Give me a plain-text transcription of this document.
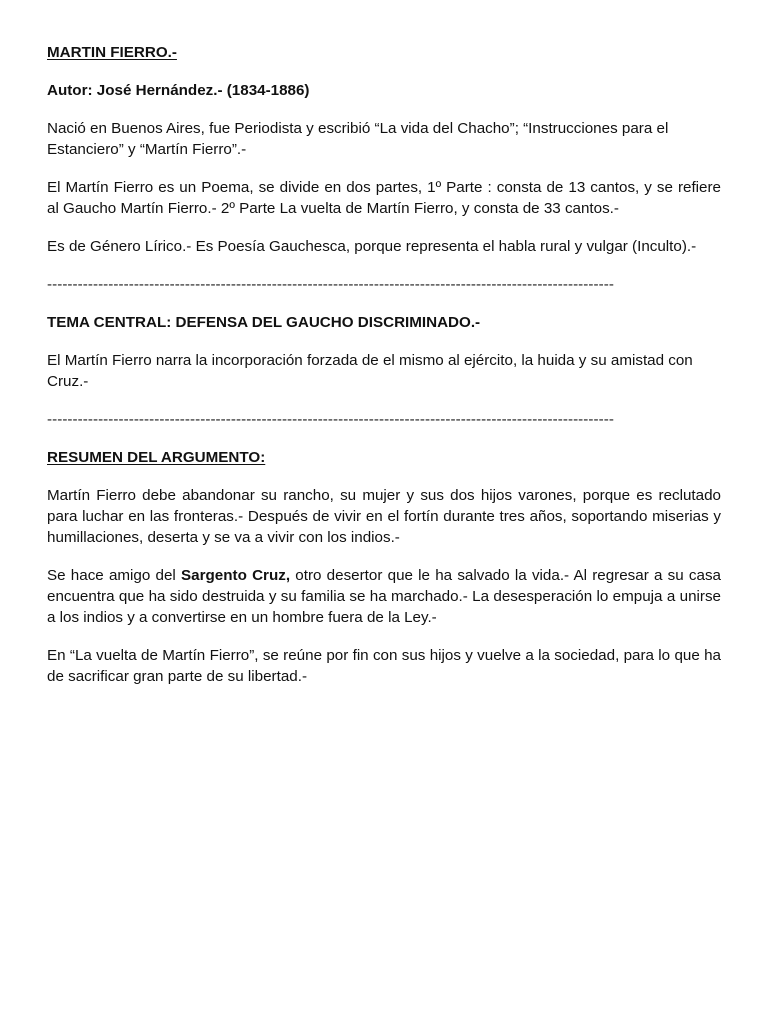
MARTIN FIERRO.-
Autor: José Hernández.- (1834-1886)
Nació en Buenos Aires, fue Periodista y escribió “La vida del Chacho”; “Instrucciones para el Estanciero” y “Martín Fierro”.-
El Martín Fierro es un Poema, se divide en dos partes, 1º Parte : consta de 13 cantos, y se refiere al Gaucho Martín Fierro.- 2º Parte La vuelta de Martín Fierro, y consta de 33 cantos.-
Es de Género Lírico.- Es Poesía Gauchesca, porque representa el habla rural y vulgar (Inculto).-
---------------------------------------------------------------------------------------------------------------
TEMA CENTRAL: DEFENSA DEL GAUCHO DISCRIMINADO.-
El Martín Fierro narra la incorporación forzada de el mismo al ejército, la huida y su amistad con Cruz.-
---------------------------------------------------------------------------------------------------------------
RESUMEN DEL ARGUMENTO:
Martín Fierro debe abandonar su rancho, su mujer y sus dos hijos varones, porque es reclutado para luchar en las fronteras.- Después de vivir en el fortín durante tres años, soportando miserias y humillaciones, deserta y se va a vivir con los indios.-
Se hace amigo del Sargento Cruz, otro desertor que le ha salvado la vida.- Al regresar a su casa encuentra que ha sido destruida y su familia se ha marchado.- La desesperación lo empuja a unirse a los indios y a convertirse en un hombre fuera de la Ley.-
En “La vuelta de Martín Fierro”, se reúne por fin con sus hijos y vuelve a la sociedad, para lo que ha de sacrificar gran parte de su libertad.-
